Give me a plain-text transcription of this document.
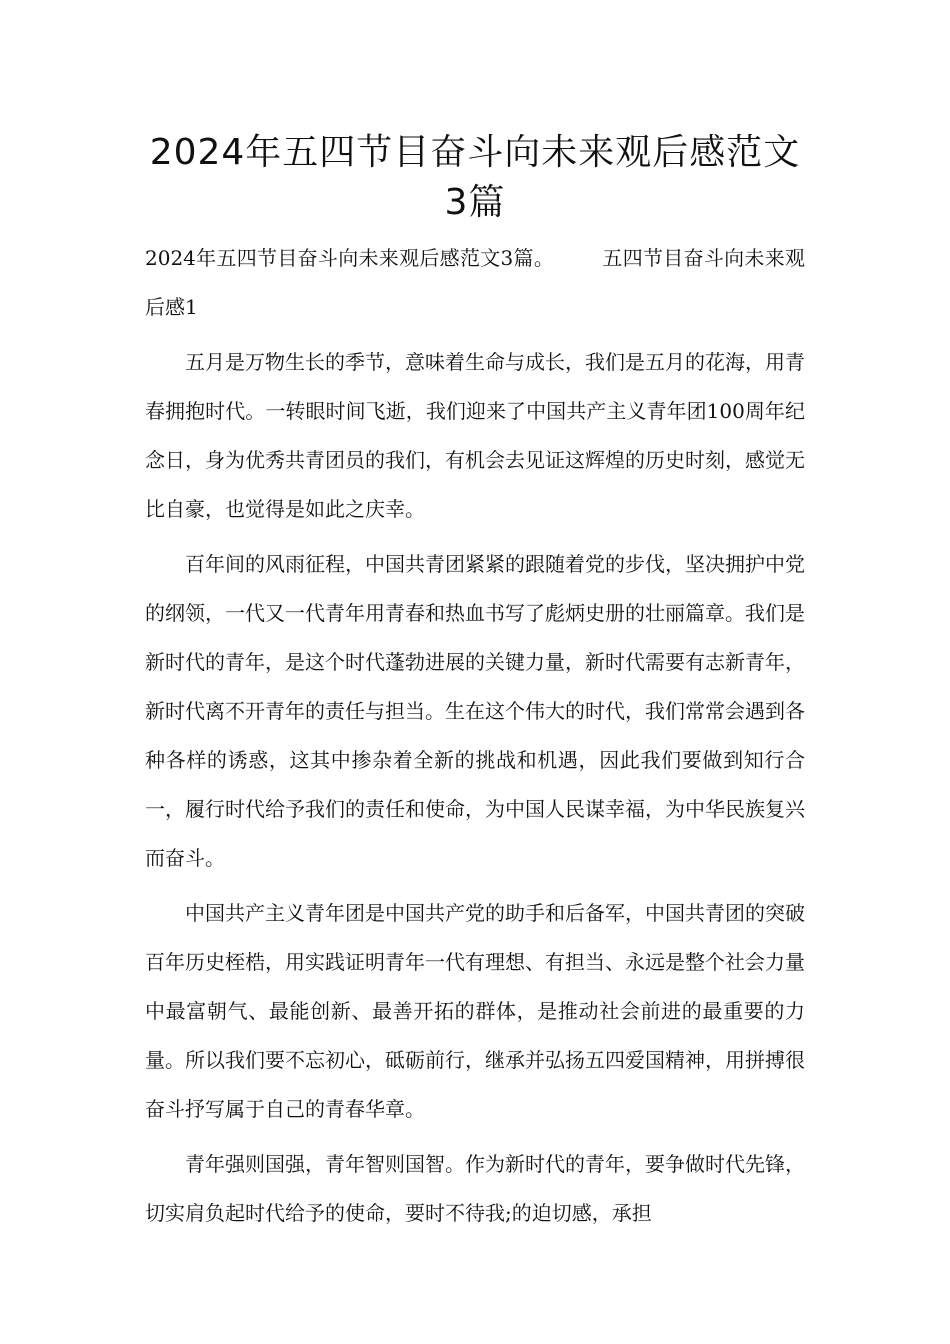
2024年五四节目奋斗向未来观后感范文
3篇

2024年五四节目奋斗向未来观后感范文3篇。 五四节目奋斗向未来观后感1

五月是万物生长的季节，意味着生命与成长，我们是五月的花海，用青春拥抱时代。一转眼时间飞逝，我们迎来了中国共产主义青年团100周年纪念日，身为优秀共青团员的我们，有机会去见证这辉煌的历史时刻，感觉无比自豪，也觉得是如此之庆幸。

百年间的风雨征程，中国共青团紧紧的跟随着党的步伐，坚决拥护中党的纲领，一代又一代青年用青春和热血书写了彪炳史册的壮丽篇章。我们是新时代的青年，是这个时代蓬勃进展的关键力量，新时代需要有志新青年，新时代离不开青年的责任与担当。生在这个伟大的时代，我们常常会遇到各种各样的诱惑，这其中掺杂着全新的挑战和机遇，因此我们要做到知行合一，履行时代给予我们的责任和使命，为中国人民谋幸福，为中华民族复兴而奋斗。

中国共产主义青年团是中国共产党的助手和后备军，中国共青团的突破百年历史桎梏，用实践证明青年一代有理想、有担当、永远是整个社会力量中最富朝气、最能创新、最善开拓的群体，是推动社会前进的最重要的力量。所以我们要不忘初心，砥砺前行，继承并弘扬五四爱国精神，用拼搏很奋斗抒写属于自己的青春华章。

青年强则国强，青年智则国智。作为新时代的青年，要争做时代先锋，切实肩负起时代给予的使命，要时不待我;的迫切感，承担
